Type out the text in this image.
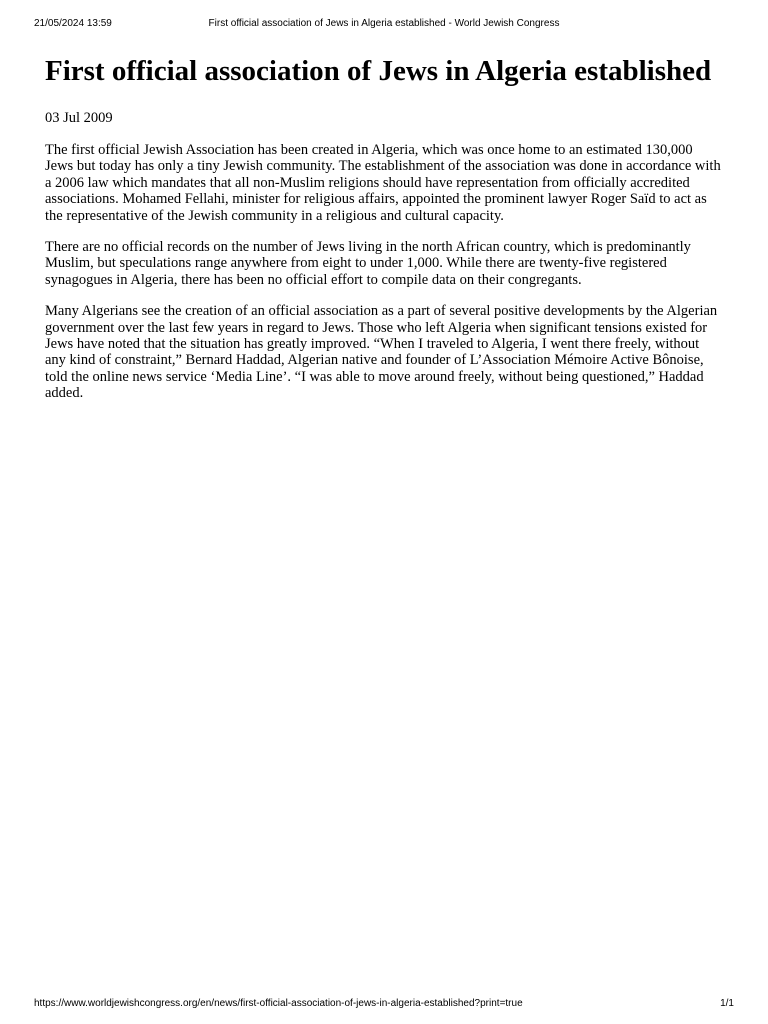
21/05/2024 13:59	First official association of Jews in Algeria established - World Jewish Congress
First official association of Jews in Algeria established
03 Jul 2009

The first official Jewish Association has been created in Algeria, which was once home to an estimated 130,000 Jews but today has only a tiny Jewish community. The establishment of the association was done in accordance with a 2006 law which mandates that all non-Muslim religions should have representation from officially accredited associations. Mohamed Fellahi, minister for religious affairs, appointed the prominent lawyer Roger Saïd to act as the representative of the Jewish community in a religious and cultural capacity.

There are no official records on the number of Jews living in the north African country, which is predominantly Muslim, but speculations range anywhere from eight to under 1,000. While there are twenty-five registered synagogues in Algeria, there has been no official effort to compile data on their congregants.

Many Algerians see the creation of an official association as a part of several positive developments by the Algerian government over the last few years in regard to Jews. Those who left Algeria when significant tensions existed for Jews have noted that the situation has greatly improved. “When I traveled to Algeria, I went there freely, without any kind of constraint,” Bernard Haddad, Algerian native and founder of L’Association Mémoire Active Bônoise, told the online news service ‘Media Line’. “I was able to move around freely, without being questioned,” Haddad added.

https://www.worldjewishcongress.org/en/news/first-official-association-of-jews-in-algeria-established?print=true	1/1
